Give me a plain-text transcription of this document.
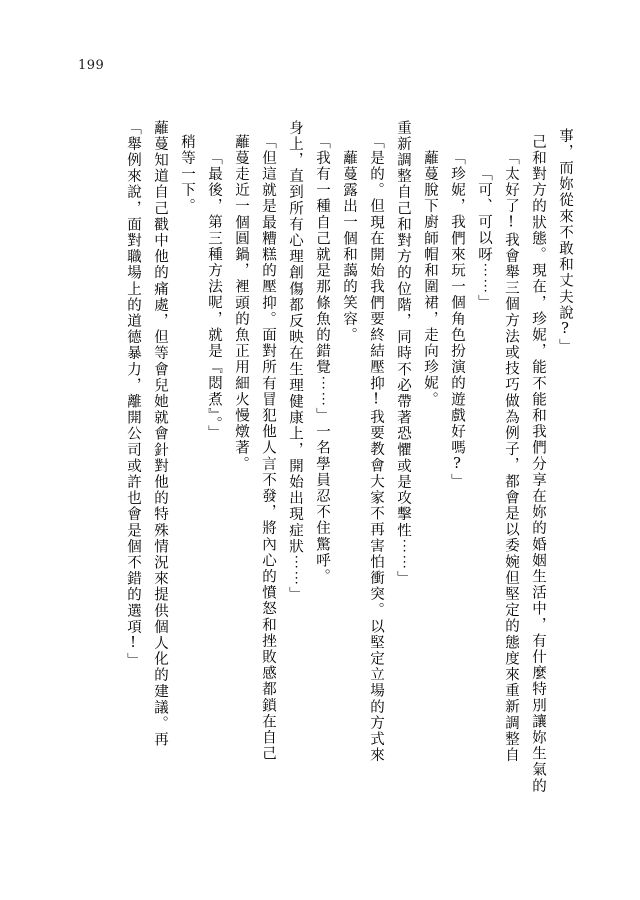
199
「舉例來說，面對職場上的道德暴力，離開公司或許也會是個不錯的選項!」 蘺蔓知道自己戳中他的痛處，但等會兒她就會針對他的特殊情況來提供個人化的建議。再 稍等一下。 「最後，第三種方法呢，就是『悶煮』。」 蘺蔓走近一個圓鍋，裡頭的魚正用細火慢燉著。 「但這就是最糟糕的壓抑。面對所有冒犯他人言不發，將內心的憤怒和挫敗感都鎖在自己 身上，直到所有心理創傷都反映在生理健康上，開始出現症狀⋯⋯」 「我有一種自己就是那條魚的錯覺⋯⋯」一名學員忍不住驚呼。 蘺蔓露出一個和藹的笑容。 「是的。但現在開始我們要終結壓抑!我要教會大家不再害怕衝突。以堅定立場的方式來 重新調整自己和對方的位階，同時不必帶著恐懼或是攻擊性⋯⋯」 蘺蔓脫下廚師帽和圍裙，走向珍妮。 「珍妮，我們來玩一個角色扮演的遊戲好嗎?」 「可、可以呀⋯⋯」 「太好了!我會舉三個方法或技巧做為例子，都會是以委婉但堅定的態度來重新調整自 己和對方的狀態。現在，珍妮，能不能和我們分享在妳的婚姻生活中，有什麼特別讓妳生氣的 事，而妳從來不敢和丈夫說?」
